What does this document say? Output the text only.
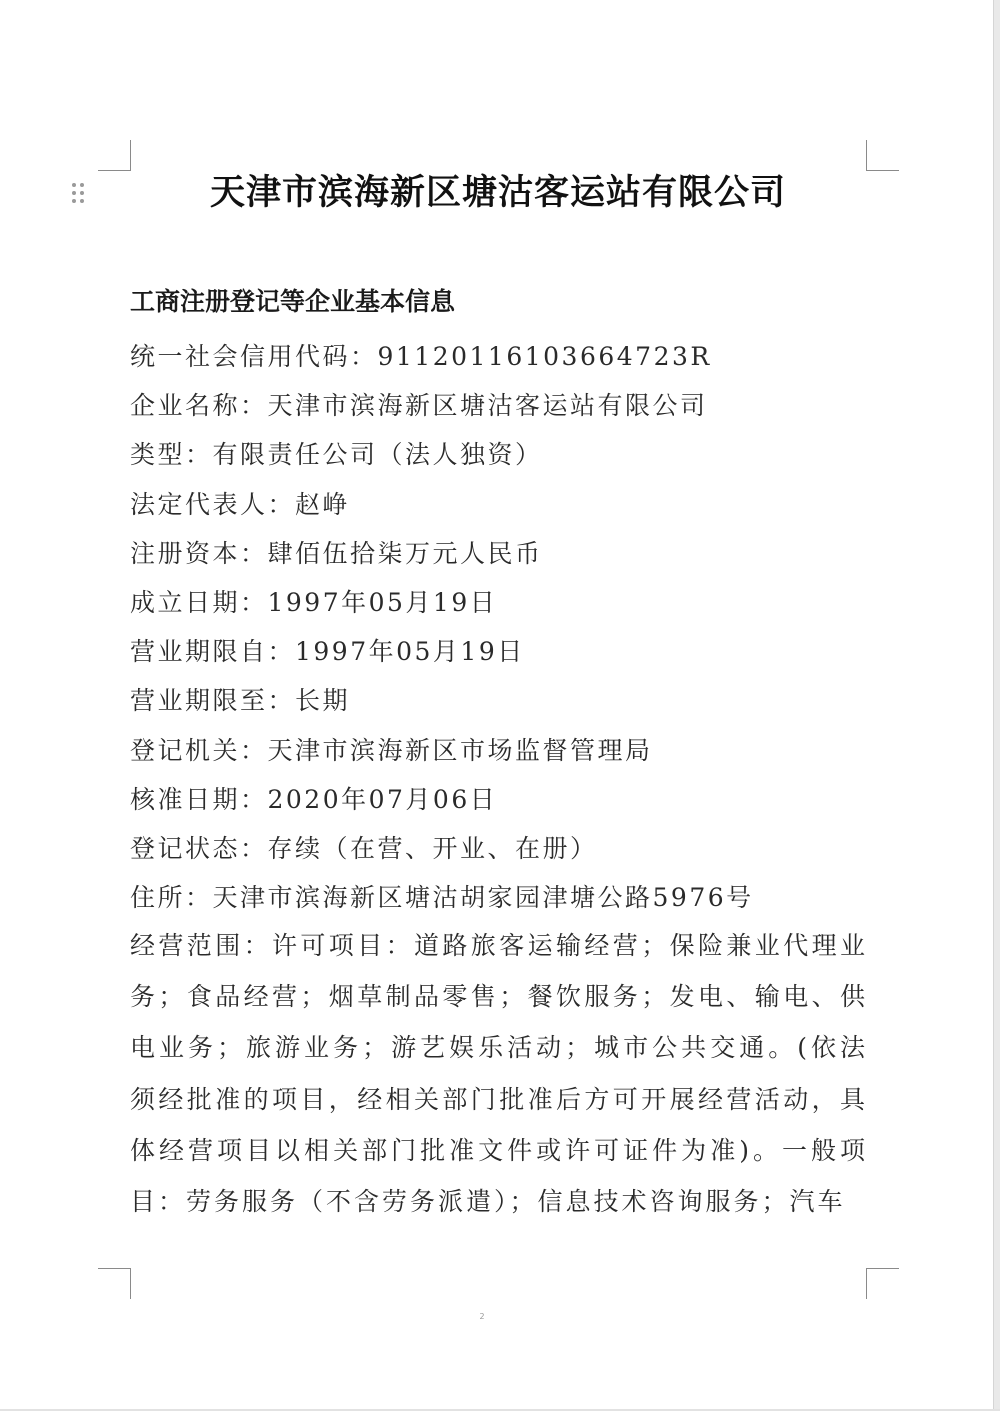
天津市滨海新区塘沽客运站有限公司
工商注册登记等企业基本信息
统一社会信用代码：9112011610366472​3R
企业名称：天津市滨海新区塘沽客运站有限公司
类型：有限责任公司（法人独资）
法定代表人：赵峥
注册资本：肆佰伍拾柒万元人民币
成立日期：1997年05月19日
营业期限自：1997年05月19日
营业期限至：长期
登记机关：天津市滨海新区市场监督管理局
核准日期：2020年07月06日
登记状态：存续（在营、开业、在册）
住所：天津市滨海新区塘沽胡家园津塘公路5976号

经营范围：许可项目：道路旅客运输经营；保险兼业代理业务；食品经营；烟草制品零售；餐饮服务；发电、输电、供电业务；旅游业务；游艺娱乐活动；城市公共交通。(依法须经批准的项目，经相关部门批准后方可开展经营活动，具体经营项目以相关部门批准文件或许可证件为准)。一般项目：劳务服务（不含劳务派遣）；信息技术咨询服务；汽车

2
